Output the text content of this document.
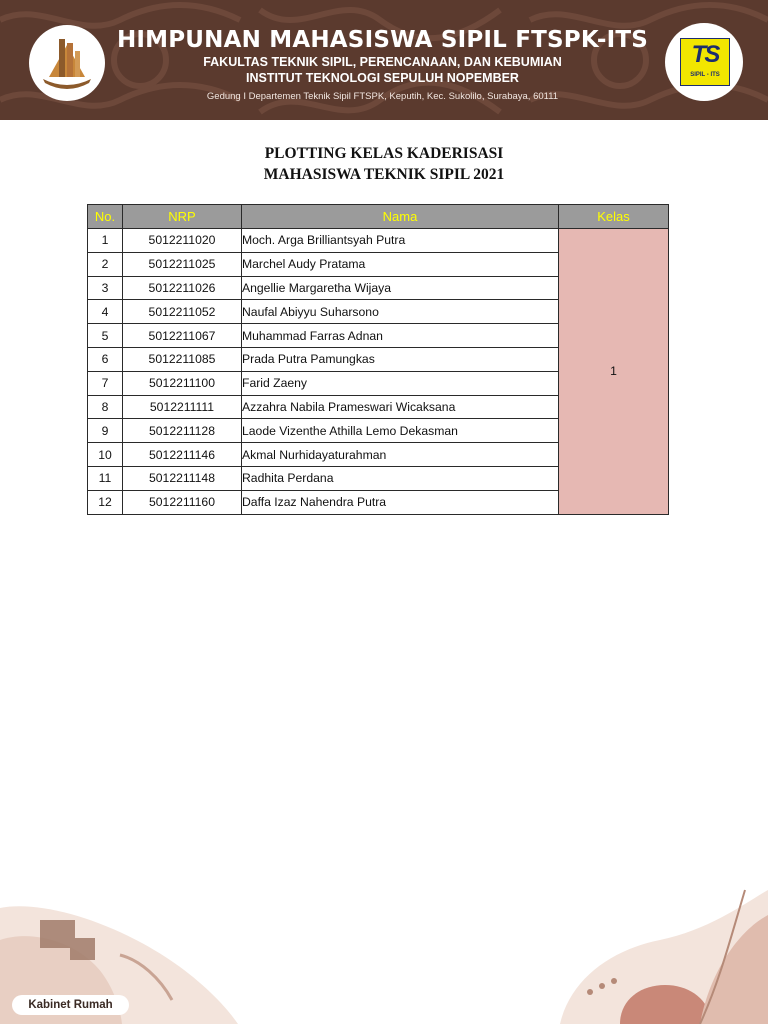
HIMPUNAN MAHASISWA SIPIL FTSPK-ITS
FAKULTAS TEKNIK SIPIL, PERENCANAAN, DAN KEBUMIAN
INSTITUT TEKNOLOGI SEPULUH NOPEMBER
Gedung I Departemen Teknik Sipil FTSPK, Keputih, Kec. Sukolilo, Surabaya, 60111
TS
SIPIL - ITS
PLOTTING KELAS KADERISASI
MAHASISWA TEKNIK SIPIL 2021
No.	NRP	Nama	Kelas
1	5012211020	Moch. Arga Brilliantsyah Putra	1
2	5012211025	Marchel Audy Pratama	
3	5012211026	Angellie Margaretha Wijaya	
4	5012211052	Naufal Abiyyu Suharsono	
5	5012211067	Muhammad Farras Adnan	
6	5012211085	Prada Putra Pamungkas	
7	5012211100	Farid Zaeny	
8	5012211111	Azzahra Nabila Prameswari Wicaksana	
9	5012211128	Laode Vizenthe Athilla Lemo Dekasman	
10	5012211146	Akmal Nurhidayaturahman	
11	5012211148	Radhita Perdana	
12	5012211160	Daffa Izaz Nahendra Putra	
Kabinet Rumah
